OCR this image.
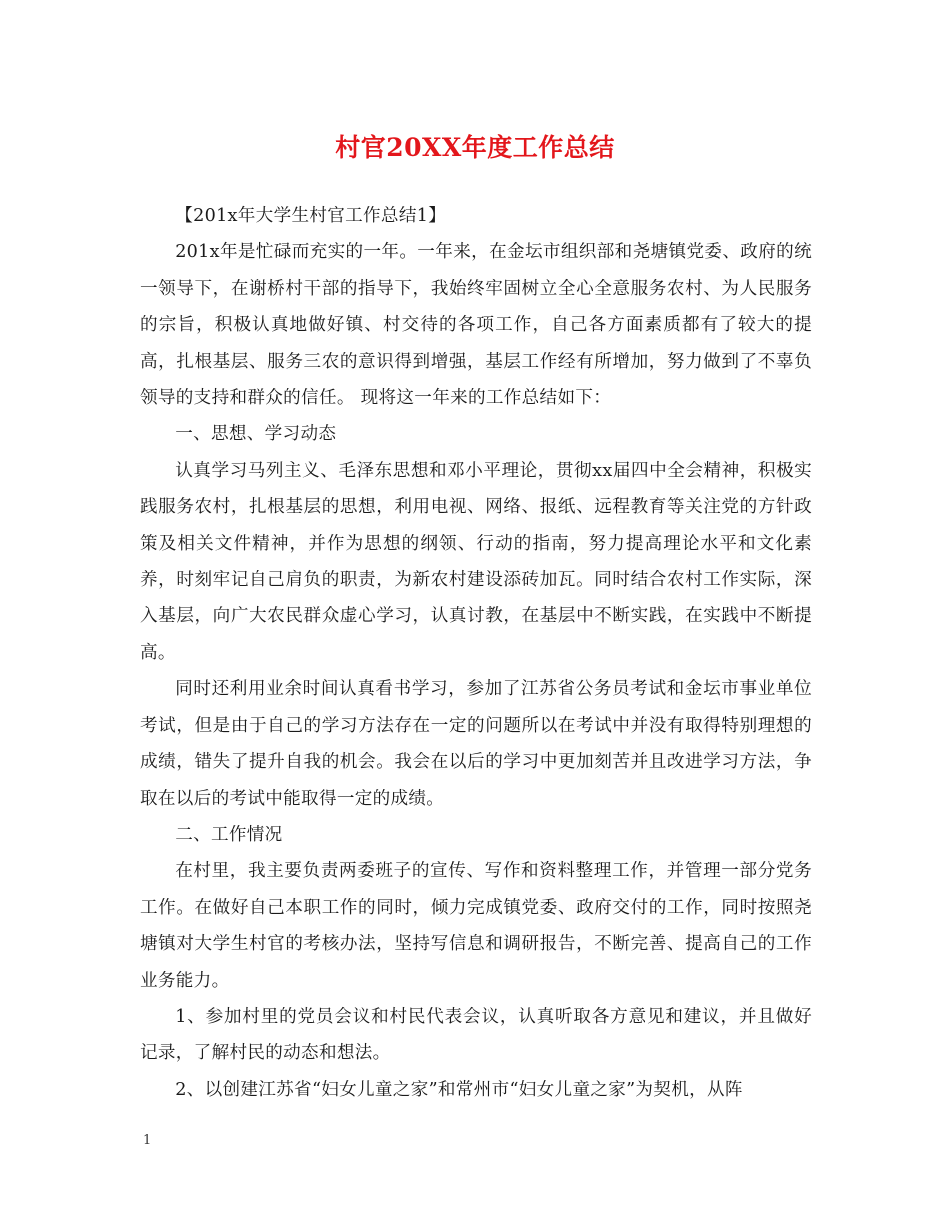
村官20XX年度工作总结

【201x年大学生村官工作总结1】

201x年是忙碌而充实的一年。一年来，在金坛市组织部和尧塘镇党委、政府的统一领导下，在谢桥村干部的指导下，我始终牢固树立全心全意服务农村、为人民服务的宗旨，积极认真地做好镇、村交待的各项工作，自己各方面素质都有了较大的提高，扎根基层、服务三农的意识得到增强，基层工作经有所增加，努力做到了不辜负领导的支持和群众的信任。 现将这一年来的工作总结如下：

一、思想、学习动态

认真学习马列主义、毛泽东思想和邓小平理论，贯彻xx届四中全会精神，积极实践服务农村，扎根基层的思想，利用电视、网络、报纸、远程教育等关注党的方针政策及相关文件精神，并作为思想的纲领、行动的指南，努力提高理论水平和文化素养，时刻牢记自己肩负的职责，为新农村建设添砖加瓦。同时结合农村工作实际，深入基层，向广大农民群众虚心学习，认真讨教，在基层中不断实践，在实践中不断提高。

同时还利用业余时间认真看书学习，参加了江苏省公务员考试和金坛市事业单位考试，但是由于自己的学习方法存在一定的问题所以在考试中并没有取得特别理想的成绩，错失了提升自我的机会。我会在以后的学习中更加刻苦并且改进学习方法，争取在以后的考试中能取得一定的成绩。

二、工作情况

在村里，我主要负责两委班子的宣传、写作和资料整理工作，并管理一部分党务工作。在做好自己本职工作的同时，倾力完成镇党委、政府交付的工作，同时按照尧塘镇对大学生村官的考核办法，坚持写信息和调研报告，不断完善、提高自己的工作业务能力。

1、参加村里的党员会议和村民代表会议，认真听取各方意见和建议，并且做好记录，了解村民的动态和想法。

2、以创建江苏省“妇女儿童之家”和常州市“妇女儿童之家”为契机，从阵

1
